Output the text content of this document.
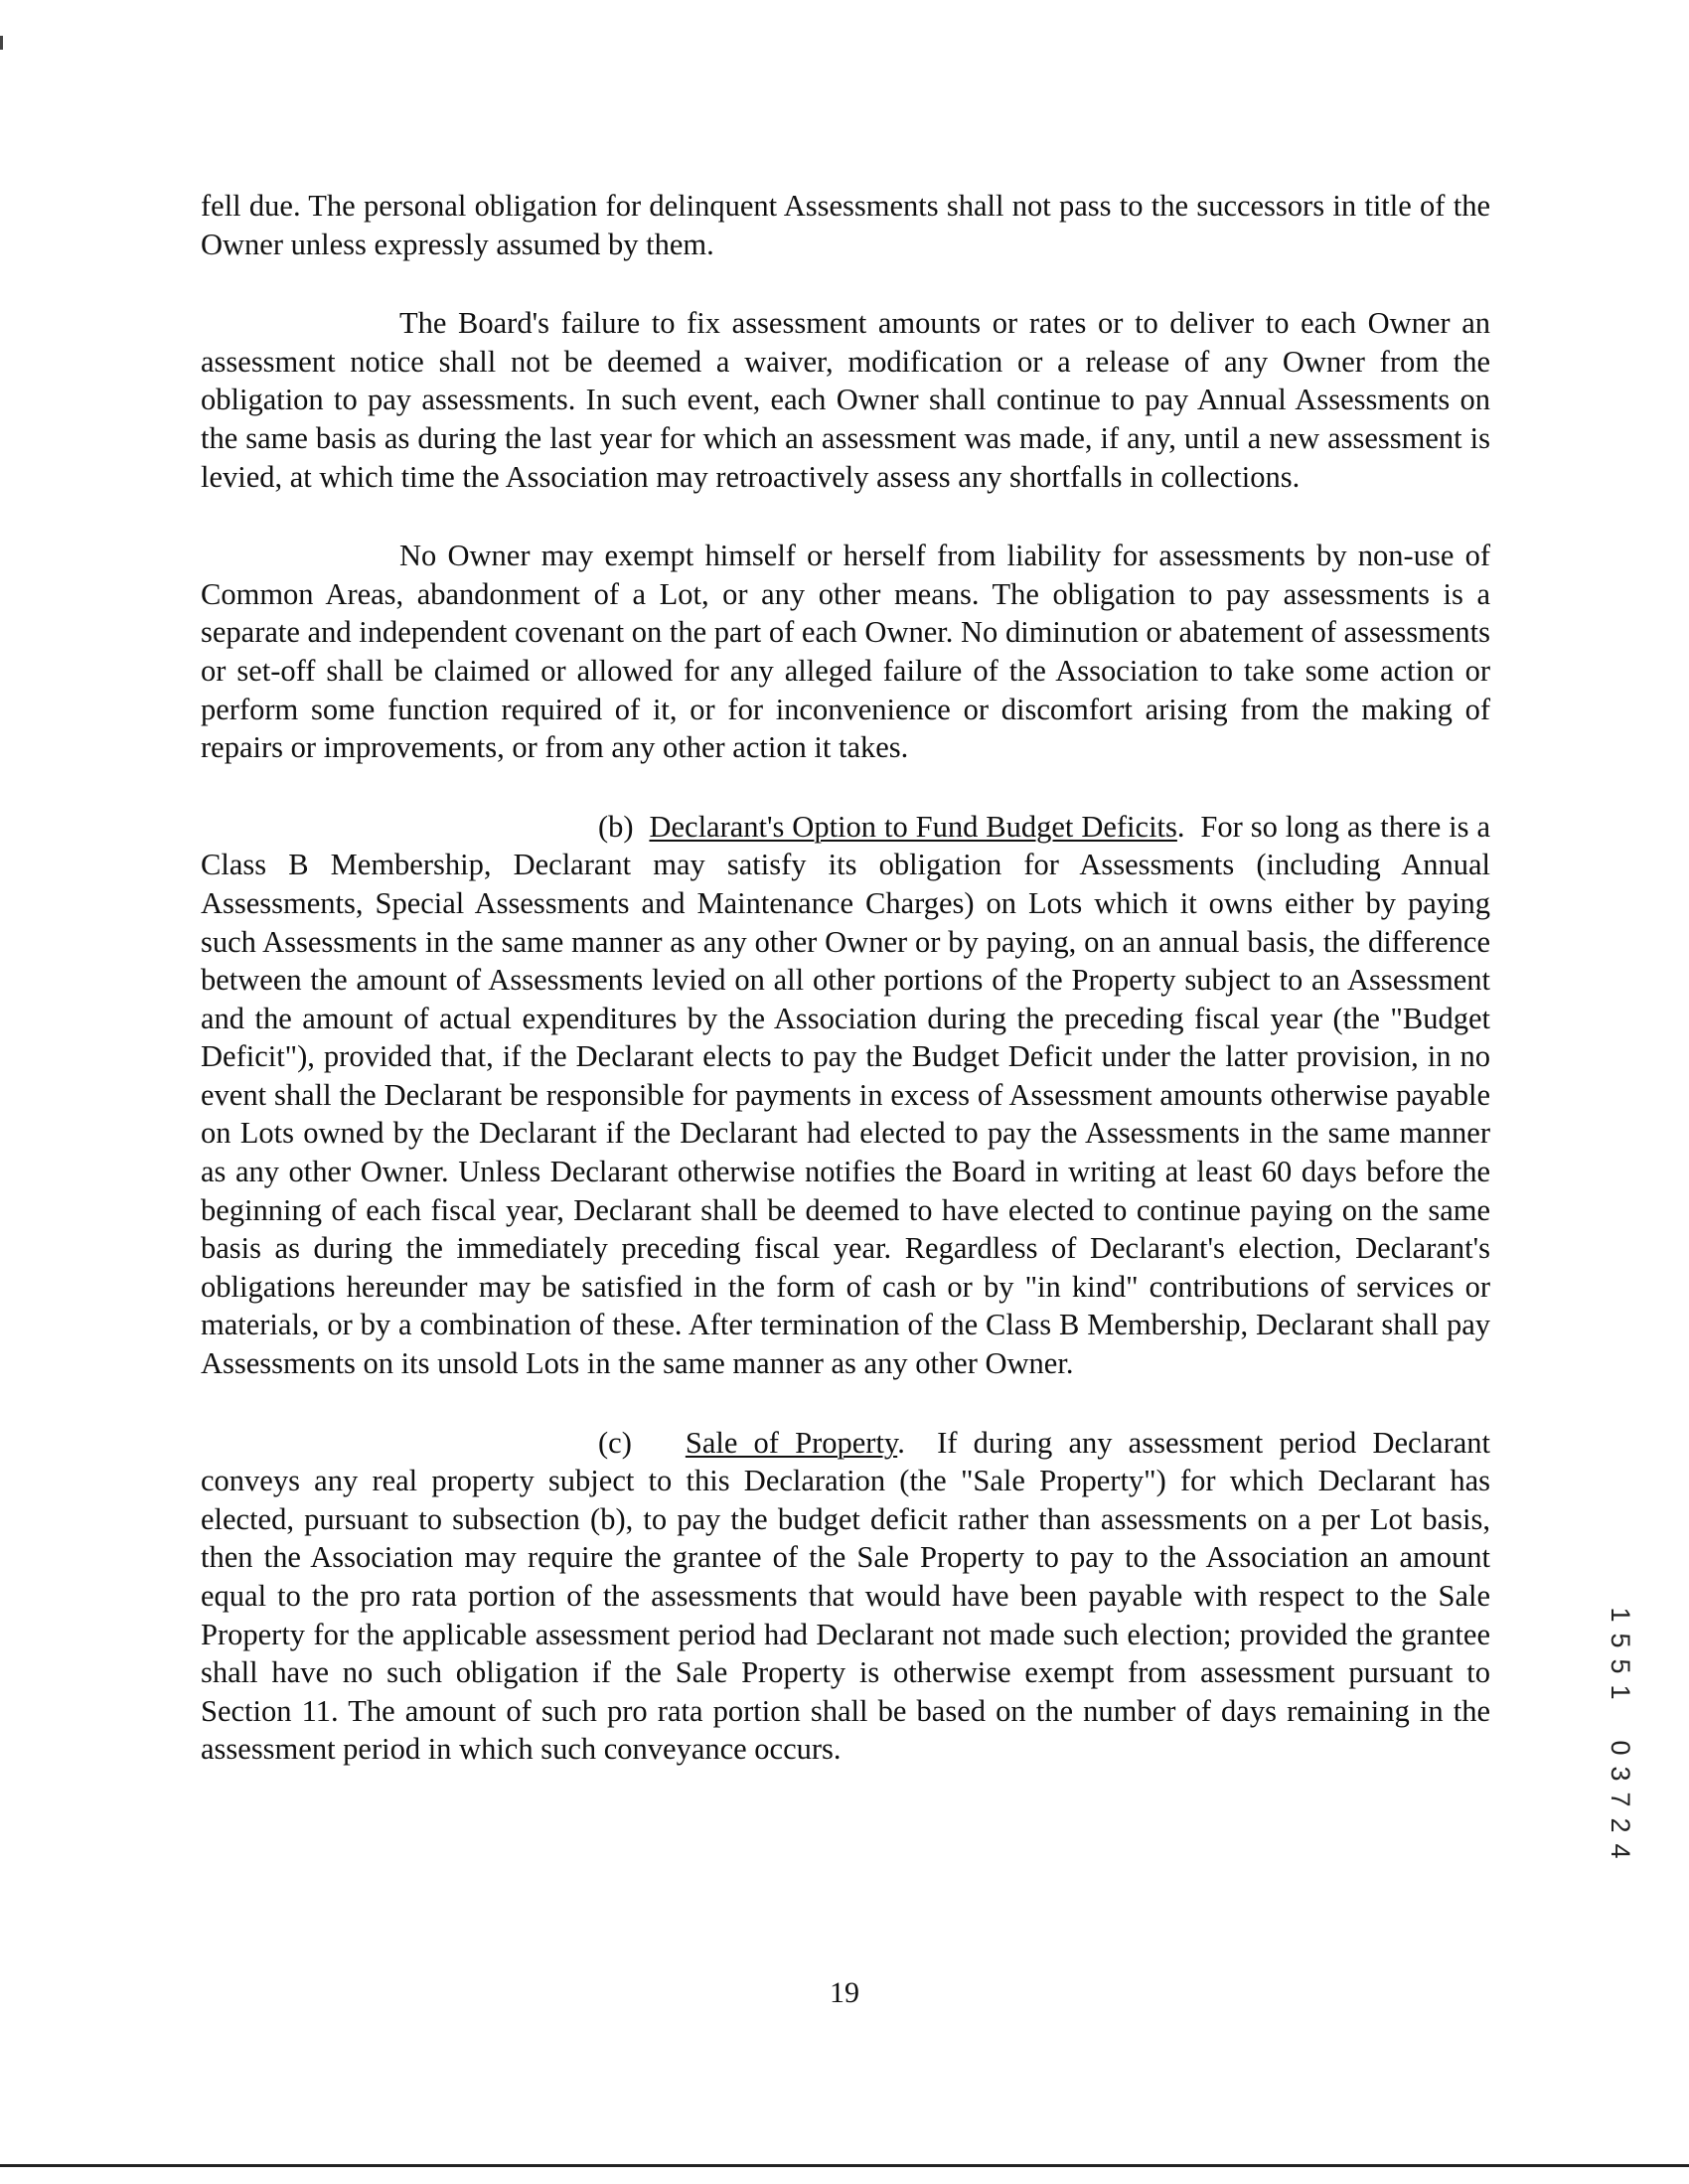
fell due. The personal obligation for delinquent Assessments shall not pass to the successors in title of the Owner unless expressly assumed by them.

The Board's failure to fix assessment amounts or rates or to deliver to each Owner an assessment notice shall not be deemed a waiver, modification or a release of any Owner from the obligation to pay assessments. In such event, each Owner shall continue to pay Annual Assessments on the same basis as during the last year for which an assessment was made, if any, until a new assessment is levied, at which time the Association may retroactively assess any shortfalls in collections.

No Owner may exempt himself or herself from liability for assessments by non-use of Common Areas, abandonment of a Lot, or any other means. The obligation to pay assessments is a separate and independent covenant on the part of each Owner. No diminution or abatement of assessments or set-off shall be claimed or allowed for any alleged failure of the Association to take some action or perform some function required of it, or for inconvenience or discomfort arising from the making of repairs or improvements, or from any other action it takes.

(b) Declarant's Option to Fund Budget Deficits.  For so long as there is a Class B Membership, Declarant may satisfy its obligation for Assessments (including Annual Assessments, Special Assessments and Maintenance Charges) on Lots which it owns either by paying such Assessments in the same manner as any other Owner or by paying, on an annual basis, the difference between the amount of Assessments levied on all other portions of the Property subject to an Assessment and the amount of actual expenditures by the Association during the preceding fiscal year (the "Budget Deficit"), provided that, if the Declarant elects to pay the Budget Deficit under the latter provision, in no event shall the Declarant be responsible for payments in excess of Assessment amounts otherwise payable on Lots owned by the Declarant if the Declarant had elected to pay the Assessments in the same manner as any other Owner. Unless Declarant otherwise notifies the Board in writing at least 60 days before the beginning of each fiscal year, Declarant shall be deemed to have elected to continue paying on the same basis as during the immediately preceding fiscal year. Regardless of Declarant's election, Declarant's obligations hereunder may be satisfied in the form of cash or by "in kind" contributions of services or materials, or by a combination of these. After termination of the Class B Membership, Declarant shall pay Assessments on its unsold Lots in the same manner as any other Owner.

(c) Sale of Property.  If during any assessment period Declarant conveys any real property subject to this Declaration (the "Sale Property") for which Declarant has elected, pursuant to subsection (b), to pay the budget deficit rather than assessments on a per Lot basis, then the Association may require the grantee of the Sale Property to pay to the Association an amount equal to the pro rata portion of the assessments that would have been payable with respect to the Sale Property for the applicable assessment period had Declarant not made such election; provided the grantee shall have no such obligation if the Sale Property is otherwise exempt from assessment pursuant to Section 11. The amount of such pro rata portion shall be based on the number of days remaining in the assessment period in which such conveyance occurs.

19
1
5
5
1
0
3
7
2
4
